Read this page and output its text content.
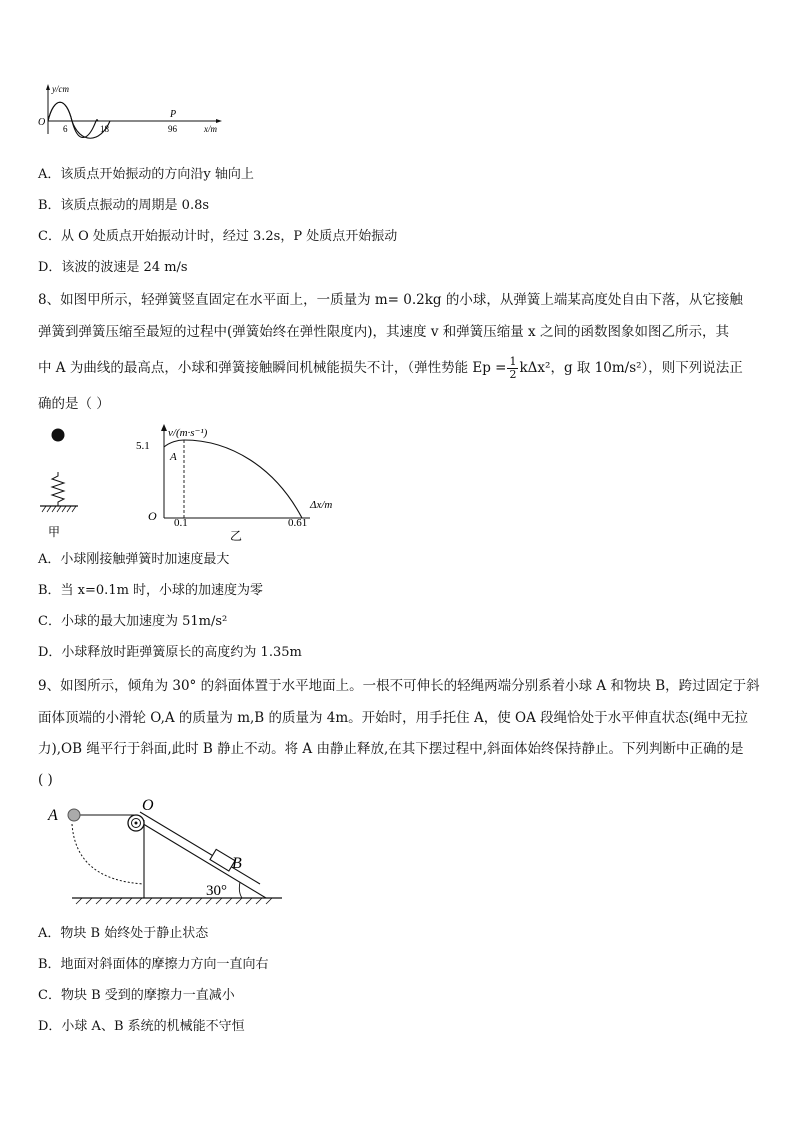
y/cm
O
6	18
P
96	x/m
A．该质点开始振动的方向沿y 轴向上
B．该质点振动的周期是 0.8s
C．从 O 处质点开始振动计时，经过 3.2s，P 处质点开始振动
D．该波的波速是 24 m/s
8、如图甲所示，轻弹簧竖直固定在水平面上，一质量为 m= 0.2kg 的小球，从弹簧上端某高度处自由下落，从它接触
弹簧到弹簧压缩至最短的过程中(弹簧始终在弹性限度内)，其速度 v 和弹簧压缩量 x 之间的函数图象如图乙所示，其
中 A 为曲线的最高点，小球和弹簧接触瞬间机械能损失不计，（弹性势能 $Ep = \frac{1}{2} k\Delta x^2$，g 取 10m/s²），则下列说法正
确的是（ ）
甲
5.1
v/(m·s⁻¹)
A
Δx/m
O 0.1	0.61
乙
A．小球刚接触弹簧时加速度最大
B．当 x=0.1m 时，小球的加速度为零
C．小球的最大加速度为 51m/s²
D．小球释放时距弹簧原长的高度约为 1.35m
9、如图所示，倾角为 30° 的斜面体置于水平地面上。一根不可伸长的轻绳两端分别系着小球 A 和物块 B，跨过固定于斜
面体顶端的小滑轮 O,A 的质量为 m,B 的质量为 4m。开始时，用手托住 A，使 OA 段绳恰处于水平伸直状态(绳中无拉
力),OB 绳平行于斜面,此时 B 静止不动。将 A 由静止释放,在其下摆过程中,斜面体始终保持静止。下列判断中正确的是
( )
A
O
B
30°
A．物块 B 始终处于静止状态
B．地面对斜面体的摩擦力方向一直向右
C．物块 B 受到的摩擦力一直减小
D．小球 A、B 系统的机械能不守恒
